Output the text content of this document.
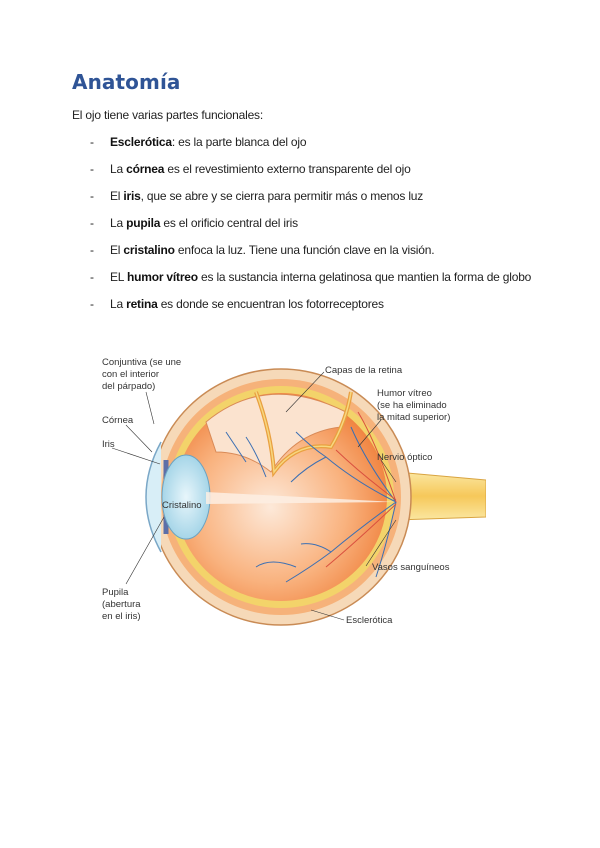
Anatomía

El ojo tiene varias partes funcionales:

- Esclerótica: es la parte blanca del ojo
- La córnea es el revestimiento externo transparente del ojo
- El iris, que se abre y se cierra para permitir más o menos luz
- La pupila es el orificio central del iris
- El cristalino enfoca la luz. Tiene una función clave en la visión.
- EL humor vítreo es la sustancia interna gelatinosa que mantien la forma de globo
- La retina es donde se encuentran los fotorreceptores
Conjuntiva (se une
con el interior
del párpado)
Córnea
Iris
Cristalino
Pupila
(abertura
en el iris)
Capas de la retina
Humor vítreo
(se ha eliminado
la mitad superior)
Nervio óptico
Vasos sanguíneos
Esclerótica
